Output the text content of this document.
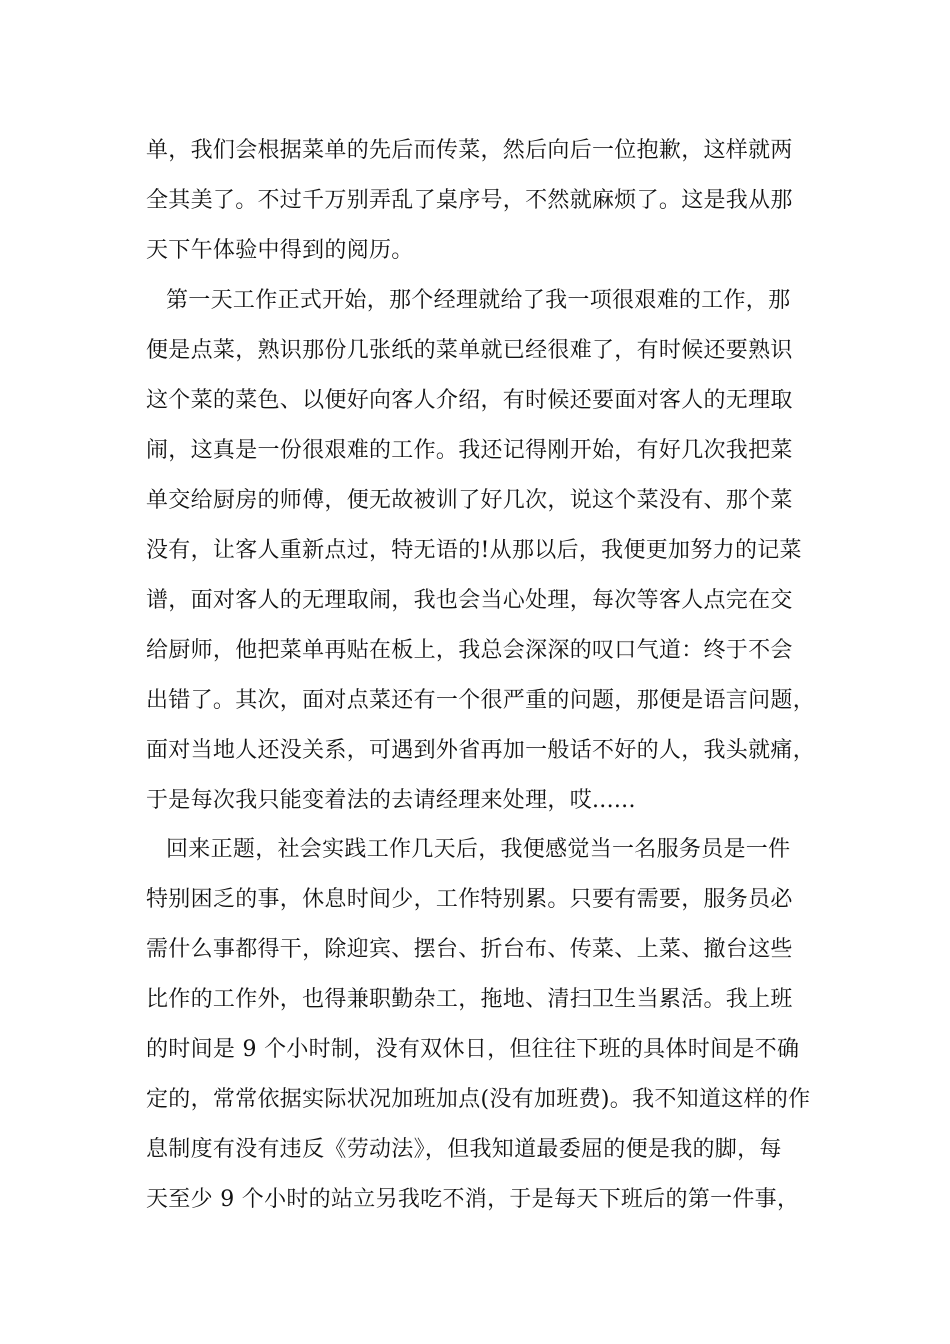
单，我们会根据菜单的先后而传菜，然后向后一位抱歉，这样就两
全其美了。不过千万别弄乱了桌序号，不然就麻烦了。这是我从那
天下午体验中得到的阅历。
第一天工作正式开始，那个经理就给了我一项很艰难的工作，那
便是点菜，熟识那份几张纸的菜单就已经很难了，有时候还要熟识
这个菜的菜色、以便好向客人介绍，有时候还要面对客人的无理取
闹，这真是一份很艰难的工作。我还记得刚开始，有好几次我把菜
单交给厨房的师傅，便无故被训了好几次，说这个菜没有、那个菜
没有，让客人重新点过，特无语的!从那以后，我便更加努力的记菜
谱，面对客人的无理取闹，我也会当心处理，每次等客人点完在交
给厨师，他把菜单再贴在板上，我总会深深的叹口气道：终于不会
出错了。其次，面对点菜还有一个很严重的问题，那便是语言问题，
面对当地人还没关系，可遇到外省再加一般话不好的人，我头就痛，
于是每次我只能变着法的去请经理来处理，哎......
回来正题，社会实践工作几天后，我便感觉当一名服务员是一件
特别困乏的事，休息时间少，工作特别累。只要有需要，服务员必
需什么事都得干，除迎宾、摆台、折台布、传菜、上菜、撤台这些
比作的工作外，也得兼职勤杂工，拖地、清扫卫生当累活。我上班
的时间是 9 个小时制，没有双休日，但往往下班的具体时间是不确
定的，常常依据实际状况加班加点(没有加班费)。我不知道这样的作
息制度有没有违反《劳动法》，但我知道最委屈的便是我的脚，每
天至少 9 个小时的站立另我吃不消，于是每天下班后的第一件事，
